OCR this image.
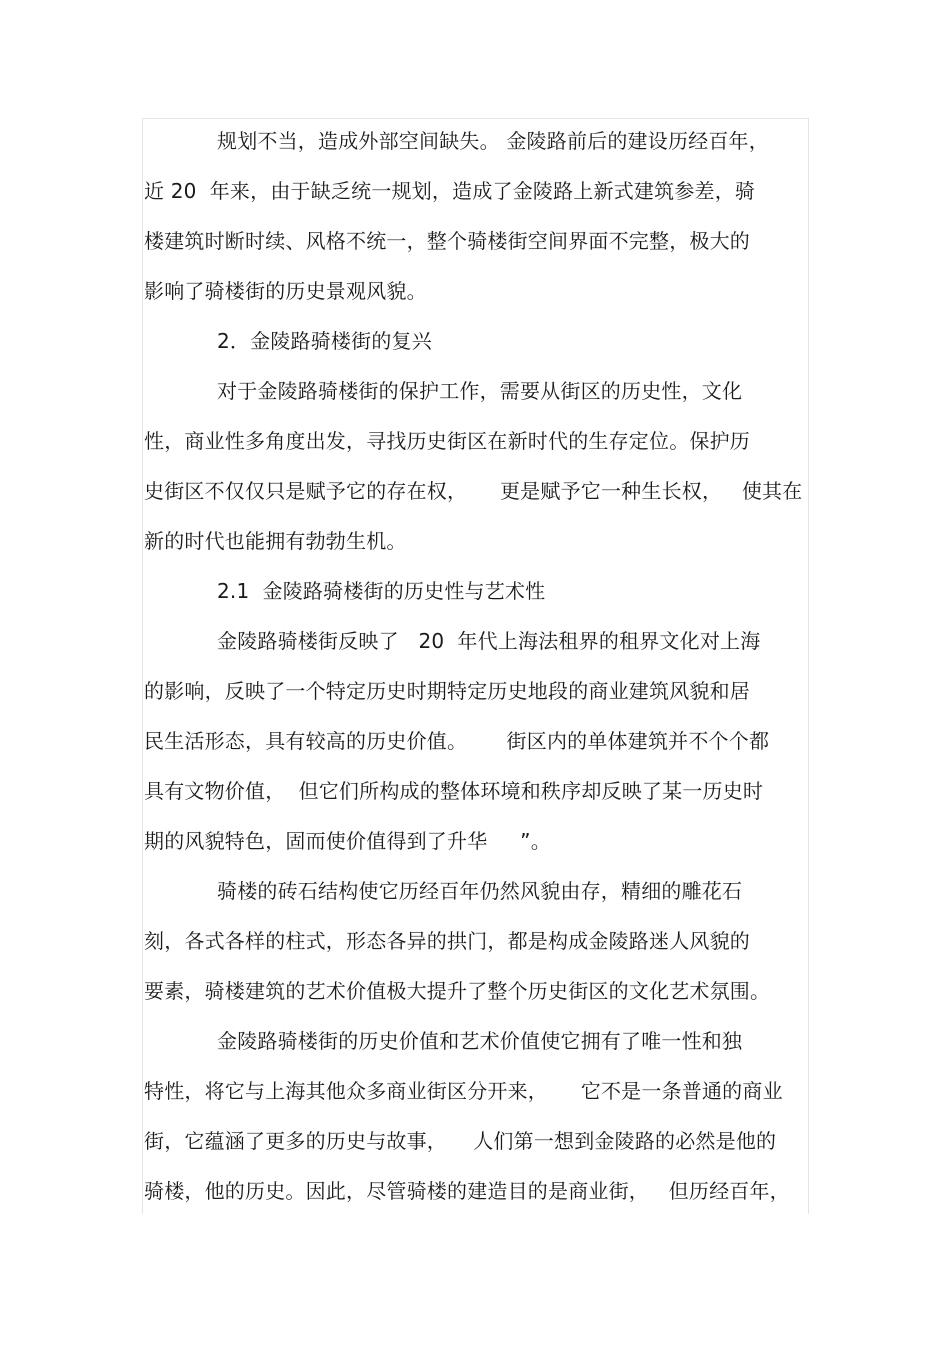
规划不当，造成外部空间缺失。 金陵路前后的建设历经百年，
近 20  年来，由于缺乏统一规划，造成了金陵路上新式建筑参差，骑
楼建筑时断时续、风格不统一，整个骑楼街空间界面不完整，极大的
影响了骑楼街的历史景观风貌。
2．金陵路骑楼街的复兴
对于金陵路骑楼街的保护工作，需要从街区的历史性，文化
性，商业性多角度出发，寻找历史街区在新时代的生存定位。保护历
史街区不仅仅只是赋予它的存在权，     更是赋予它一种生长权，   使其在
新的时代也能拥有勃勃生机。
2.1  金陵路骑楼街的历史性与艺术性
金陵路骑楼街反映了   20  年代上海法租界的租界文化对上海
的影响，反映了一个特定历史时期特定历史地段的商业建筑风貌和居
民生活形态，具有较高的历史价值。      街区内的单体建筑并不个个都
具有文物价值，  但它们所构成的整体环境和秩序却反映了某一历史时
期的风貌特色，固而使价值得到了升华     ”。
骑楼的砖石结构使它历经百年仍然风貌由存，精细的雕花石
刻，各式各样的柱式，形态各异的拱门，都是构成金陵路迷人风貌的
要素，骑楼建筑的艺术价值极大提升了整个历史街区的文化艺术氛围。
金陵路骑楼街的历史价值和艺术价值使它拥有了唯一性和独
特性，将它与上海其他众多商业街区分开来，     它不是一条普通的商业
街，它蕴涵了更多的历史与故事，    人们第一想到金陵路的必然是他的
骑楼，他的历史。因此，尽管骑楼的建造目的是商业街，   但历经百年，
